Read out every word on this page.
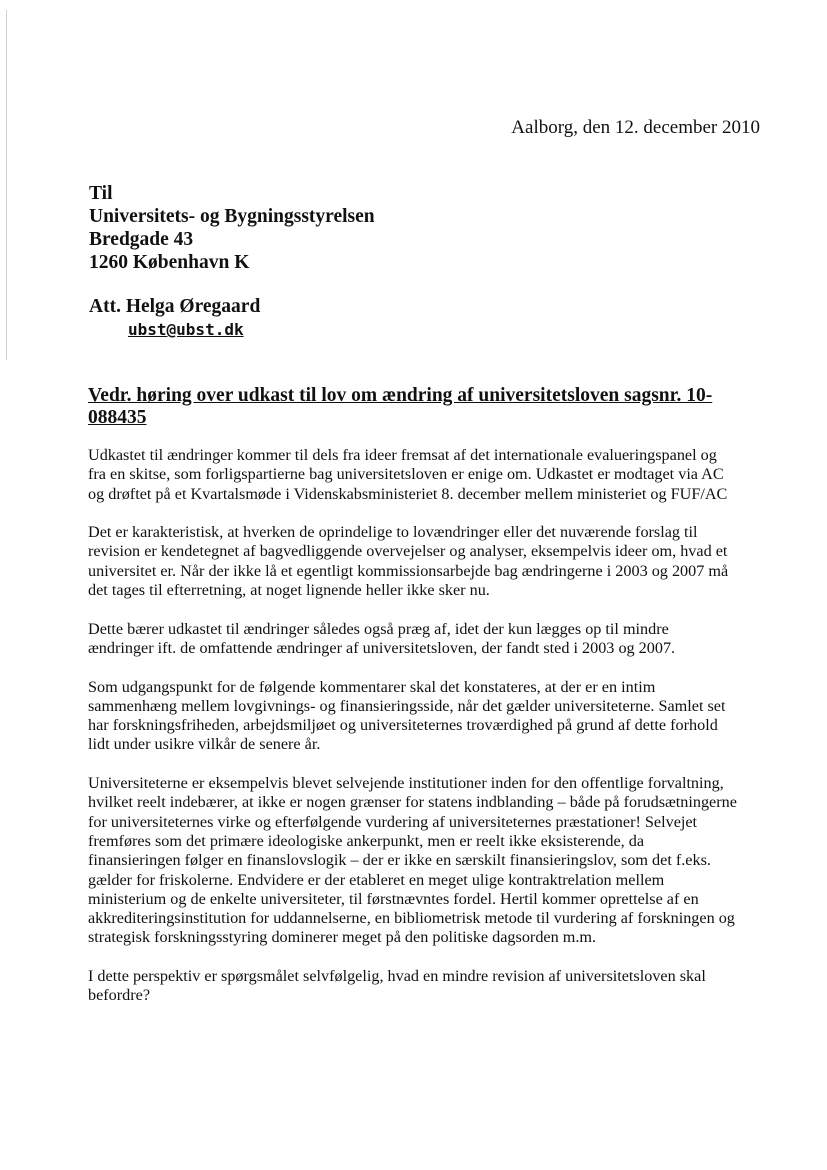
Aalborg, den 12. december 2010
Til
Universitets- og Bygningsstyrelsen
Bredgade 43
1260 København K
Att. Helga Øregaard
ubst@ubst.dk
Vedr. høring over udkast til lov om ændring af universitetsloven sagsnr. 10- 088435

Udkastet til ændringer kommer til dels fra ideer fremsat af det internationale evalueringspanel og
fra en skitse, som forligspartierne bag universitetsloven er enige om. Udkastet er modtaget via AC
og drøftet på et Kvartalsmøde i Videnskabsministeriet 8. december mellem ministeriet og FUF/AC

Det er karakteristisk, at hverken de oprindelige to lovændringer eller det nuværende forslag til
revision er kendetegnet af bagvedliggende overvejelser og analyser, eksempelvis ideer om, hvad et
universitet er. Når der ikke lå et egentligt kommissionsarbejde bag ændringerne i 2003 og 2007 må
det tages til efterretning, at noget lignende heller ikke sker nu.

Dette bærer udkastet til ændringer således også præg af, idet der kun lægges op til mindre
ændringer ift. de omfattende ændringer af universitetsloven, der fandt sted i 2003 og 2007.

Som udgangspunkt for de følgende kommentarer skal det konstateres, at der er en intim
sammenhæng mellem lovgivnings- og finansieringsside, når det gælder universiteterne. Samlet set
har forskningsfriheden, arbejdsmiljøet og universiteternes troværdighed på grund af dette forhold
lidt under usikre vilkår de senere år.

Universiteterne er eksempelvis blevet selvejende institutioner inden for den offentlige forvaltning,
hvilket reelt indebærer, at ikke er nogen grænser for statens indblanding – både på forudsætningerne
for universiteternes virke og efterfølgende vurdering af universiteternes præstationer! Selvejet
fremføres som det primære ideologiske ankerpunkt, men er reelt ikke eksisterende, da
finansieringen følger en finanslovslogik – der er ikke en særskilt finansieringslov, som det f.eks.
gælder for friskolerne. Endvidere er der etableret en meget ulige kontraktrelation mellem
ministerium og de enkelte universiteter, til førstnævntes fordel. Hertil kommer oprettelse af en
akkrediteringsinstitution for uddannelserne, en bibliometrisk metode til vurdering af forskningen og
strategisk forskningsstyring dominerer meget på den politiske dagsorden m.m.

I dette perspektiv er spørgsmålet selvfølgelig, hvad en mindre revision af universitetsloven skal
befordre?
